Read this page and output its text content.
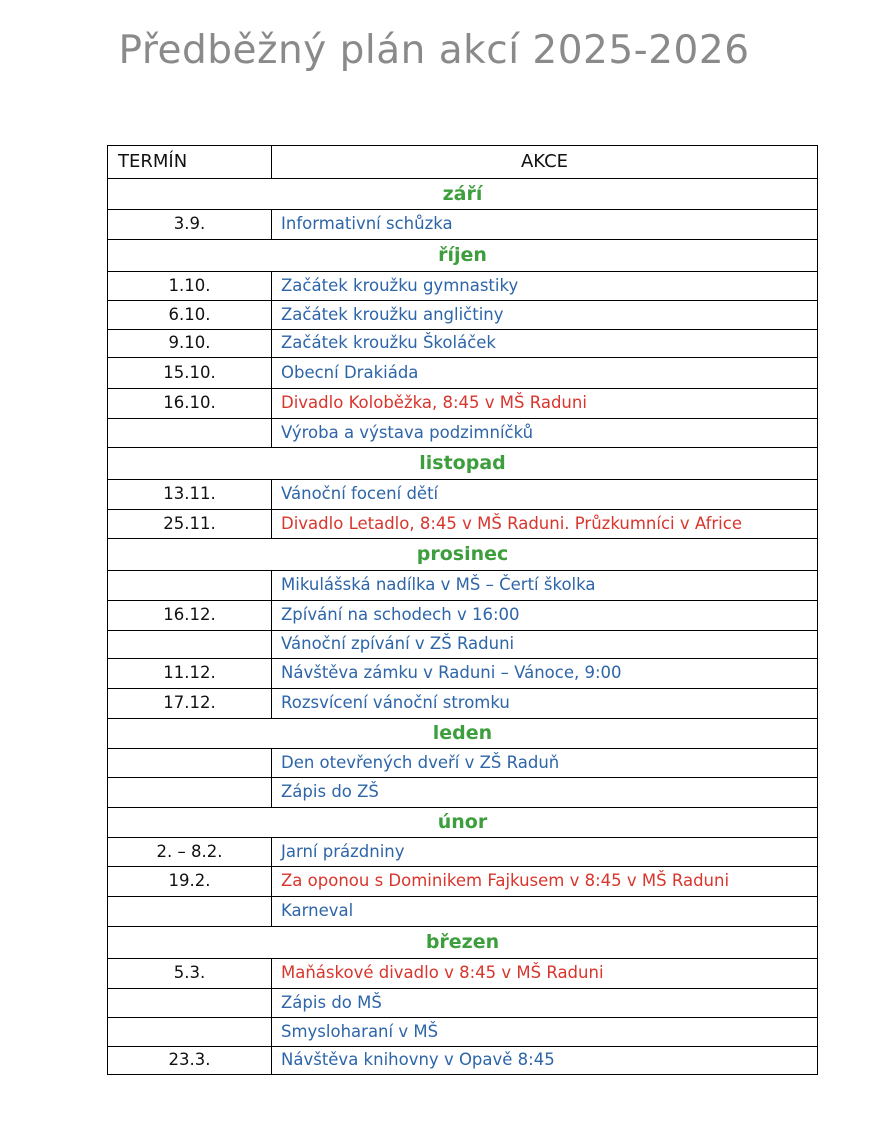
Předběžný plán akcí 2025-2026
TERMÍN	AKCE
září	
3.9.	Informativní schůzka
říjen	
1.10.	Začátek kroužku gymnastiky
6.10.	Začátek kroužku angličtiny
9.10.	Začátek kroužku Školáček
15.10.	Obecní Drakiáda
16.10.	Divadlo Koloběžka, 8:45 v MŠ Raduni
	Výroba a výstava podzimníčků
listopad	
13.11.	Vánoční focení dětí
25.11.	Divadlo Letadlo, 8:45 v MŠ Raduni. Průzkumníci v Africe
prosinec	
	Mikulášská nadílka v MŠ – Čertí školka
16.12.	Zpívání na schodech v 16:00
	Vánoční zpívání v ZŠ Raduni
11.12.	Návštěva zámku v Raduni – Vánoce, 9:00
17.12.	Rozsvícení vánoční stromku
leden	
	Den otevřených dveří v ZŠ Raduň
	Zápis do ZŠ
únor	
2. – 8.2.	Jarní prázdniny
19.2.	Za oponou s Dominikem Fajkusem v 8:45 v MŠ Raduni
	Karneval
březen	
5.3.	Maňáskové divadlo v 8:45 v MŠ Raduni
	Zápis do MŠ
	Smysloharaní v MŠ
23.3.	Návštěva knihovny v Opavě 8:45
